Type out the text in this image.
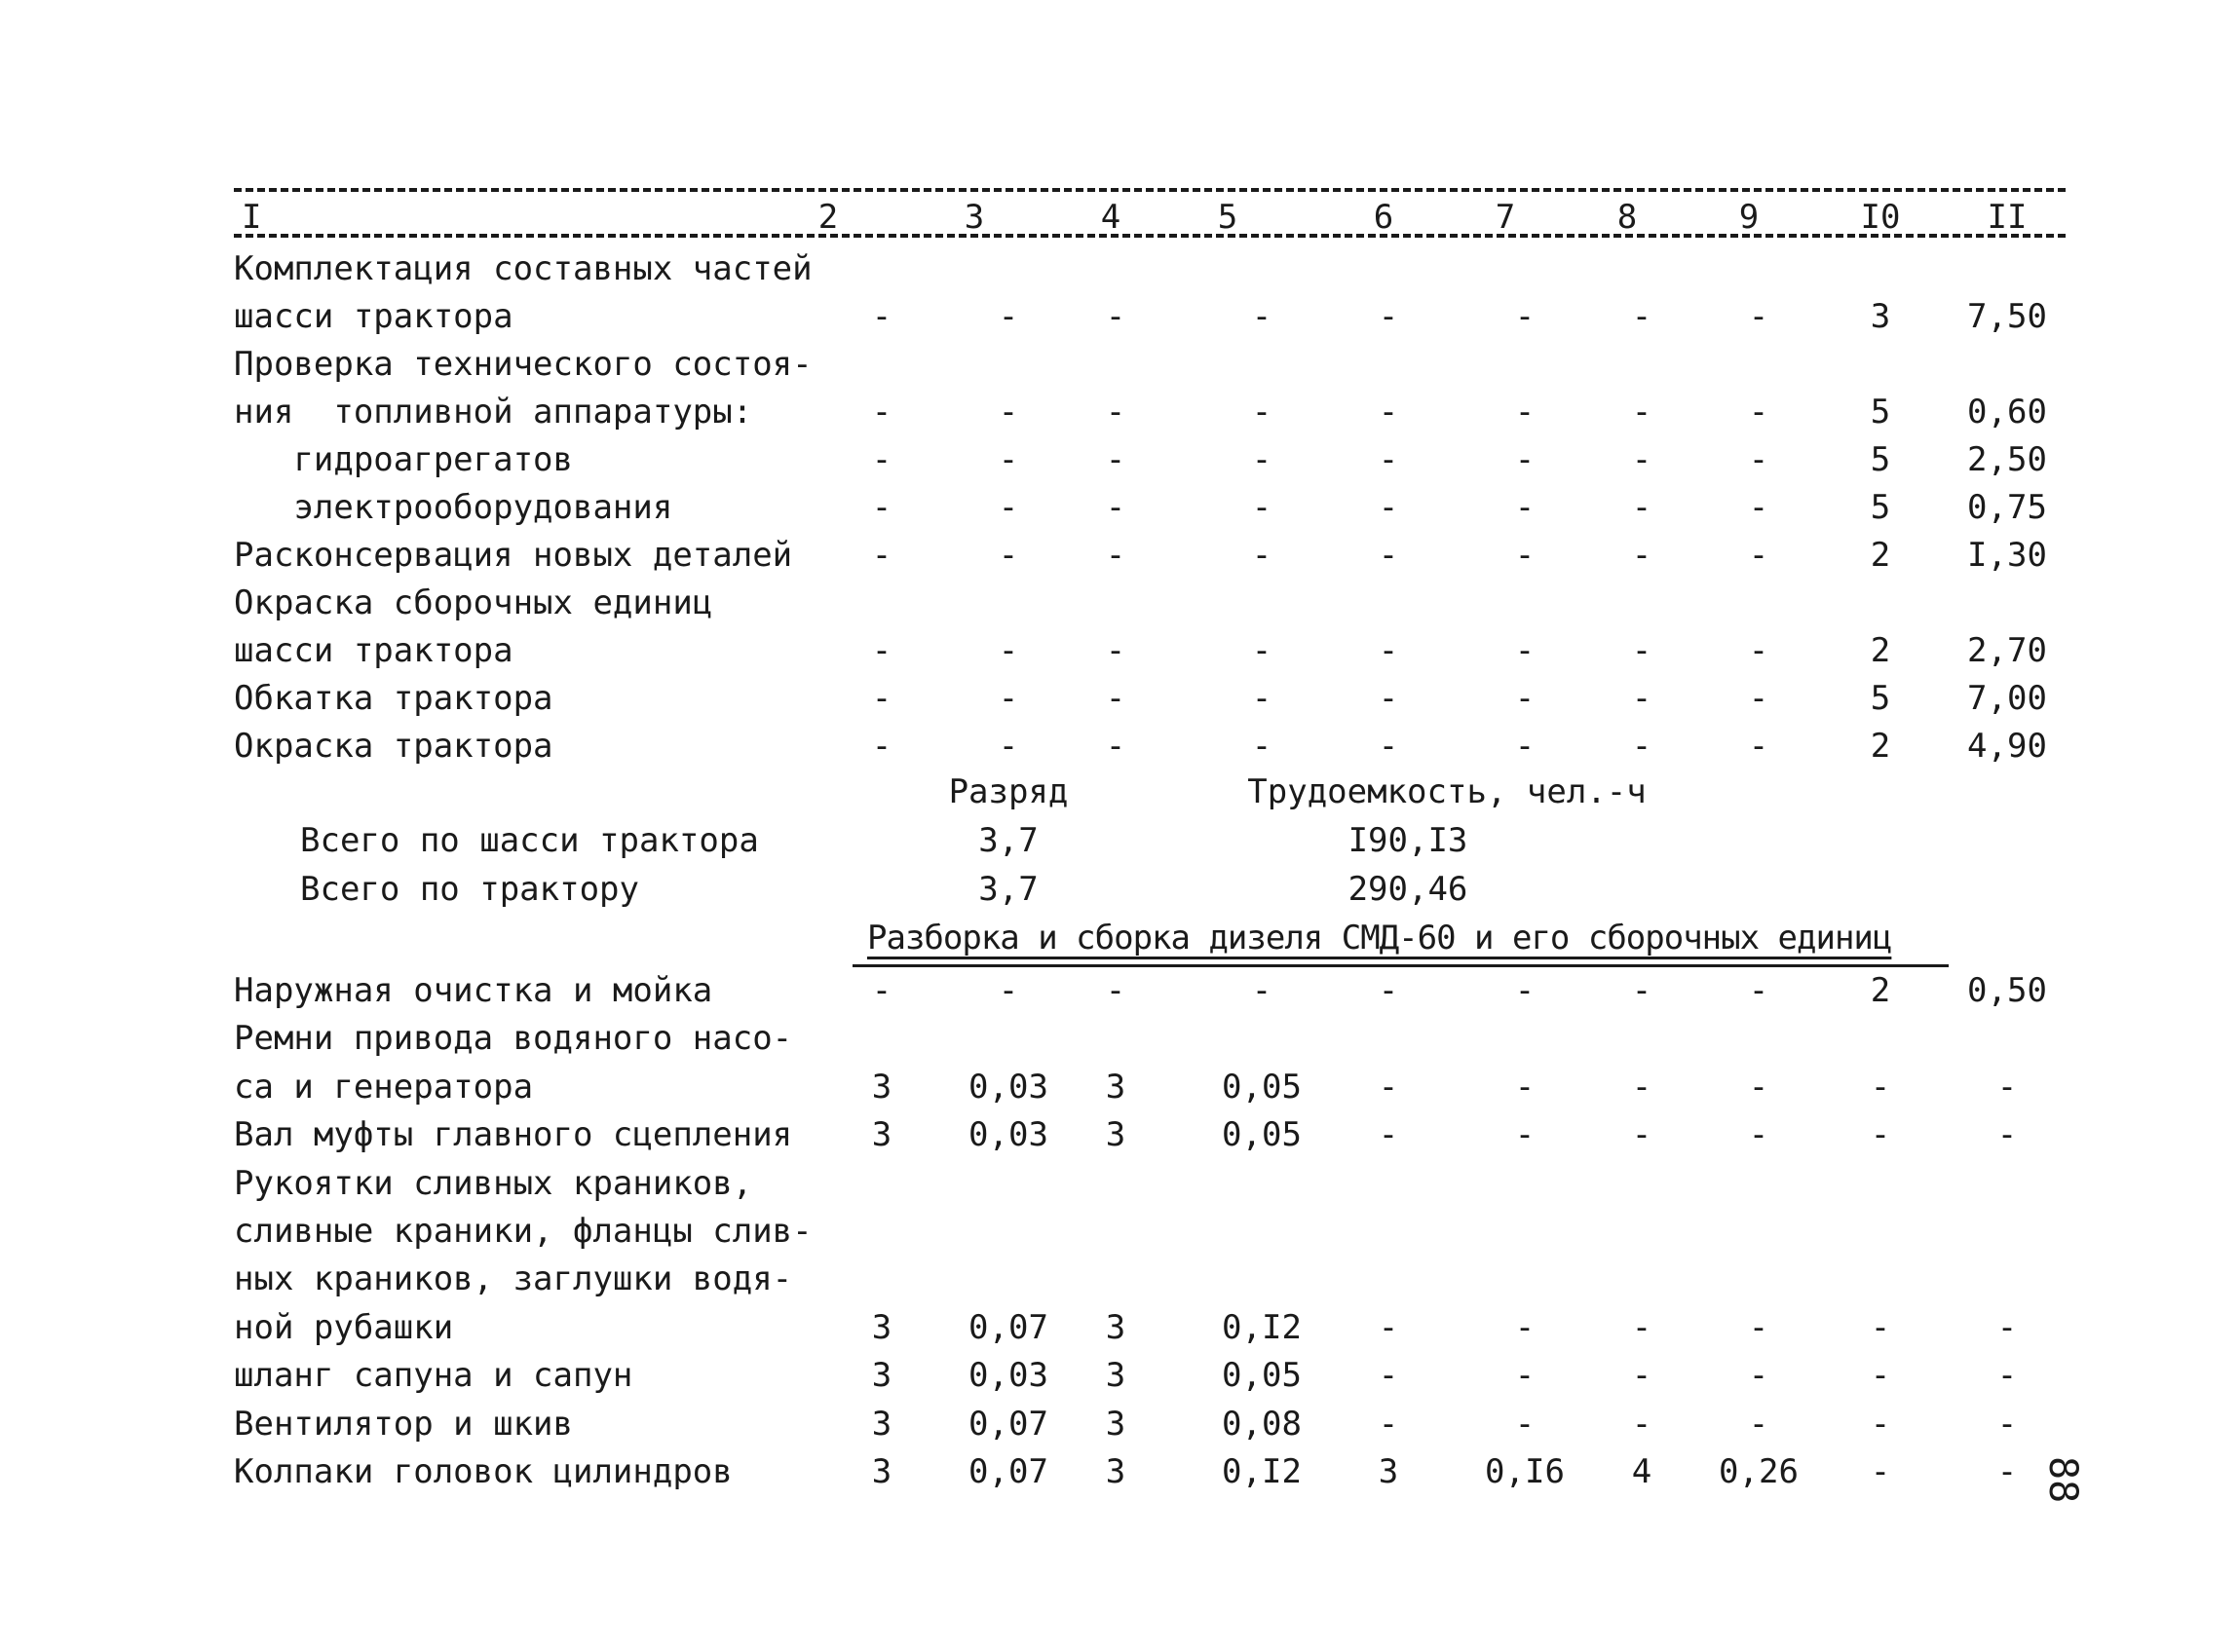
I	2	3	4	5	6	7	8	9	I0	II
Комплектация составных частей
шасси трактора	-	-	-	-	-	-	-	-	3 7,50
Проверка технического состоя-
ния  топливной аппаратуры:	-	-	-	-	-	-	-	-	5 0,60
гидроагрегатов	-	-	-	-	-	-	-	-	5 2,50
электрооборудования	-	-	-	-	-	-	-	-	5 0,75
Расконсервация новых деталей -	-	-	-	-	-	-	-	2 I,30
Окраска сборочных единиц
шасси трактора	-	-	-	-	-	-	-	-	2 2,70
Обкатка трактора	-	-	-	-	-	-	-	-	5 7,00
Окраска трактора	-	-	-	-	-	-	-	-	2 4,90
Разряд	Трудоемкость, чел.-ч
Всего по шасси трактора	3,7	I90,I3
Всего по трактору	3,7	290,46
Разборка и сборка дизеля СМД-60 и его сборочных единиц
Наружная очистка и мойка	-	-	-	-	-	-	-	-	2 0,50
Ремни привода водяного насо-
са и генератора	3 0,03 3	0,05 -	-	-	-	-	-
Вал муфты главного сцепления 3 0,03 3	0,05 -	-	-	-	-	-
Рукоятки сливных краников,
сливные краники, фланцы слив-
ных краников, заглушки водя-
ной рубашки	3 0,07 3	0,I2 -	-	-	-	-	-
шланг сапуна и сапун	3 0,03 3	0,05 -	-	-	-	-	-
Вентилятор и шкив	3 0,07 3	0,08 -	-	-	-	-	-
Колпаки головок цилиндров	3 0,07 3	0,I2 3	0,I6 4 0,26 -	- 88
